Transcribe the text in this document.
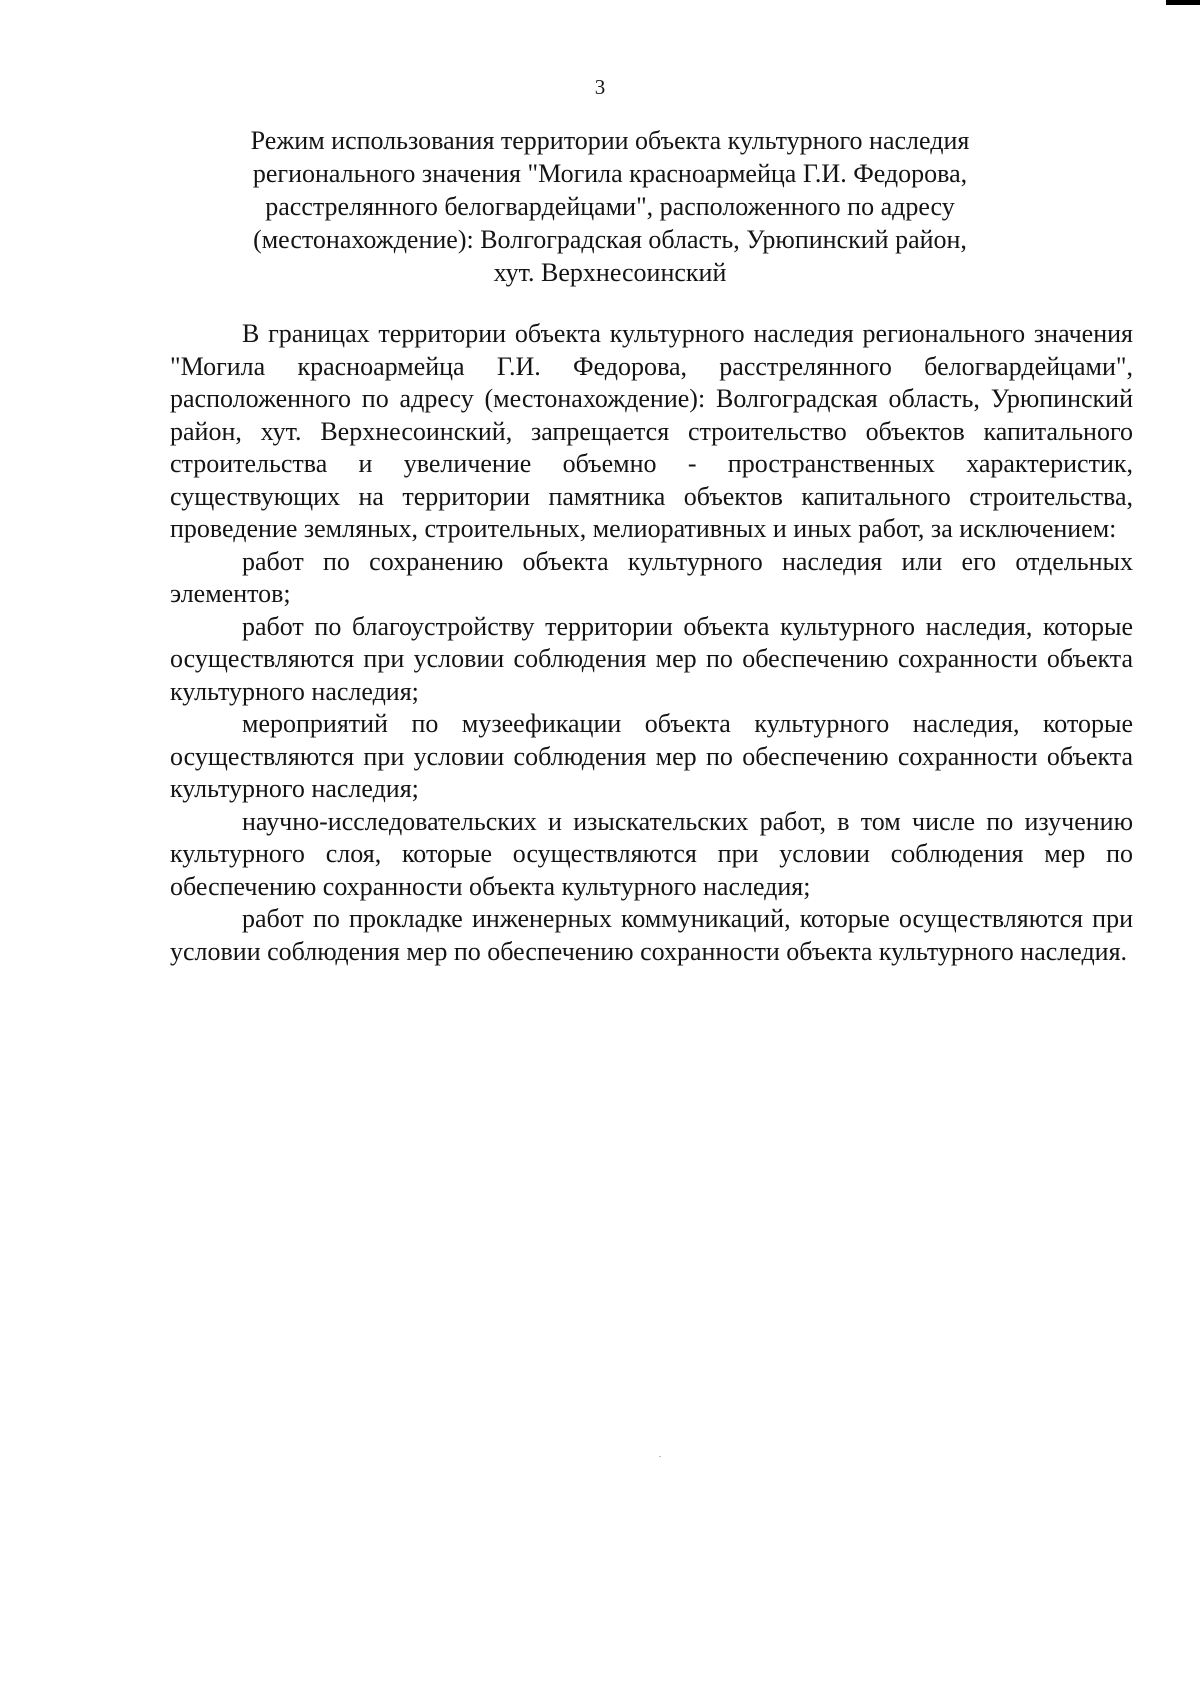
3
Режим использования территории объекта культурного наследия
регионального значения "Могила красноармейца Г.И. Федорова,
расстрелянного белогвардейцами", расположенного по адресу
(местонахождение): Волгоградская область, Урюпинский район,
хут. Верхнесоинский

В границах территории объекта культурного наследия регионального значения "Могила красноармейца Г.И. Федорова, расстрелянного белогвардейцами", расположенного по адресу (местонахождение): Волгоградская область, Урюпинский район, хут. Верхнесоинский, запрещается строительство объектов капитального строительства и увеличение объемно - пространственных характеристик, существующих на территории памятника объектов капитального строительства, проведение земляных, строительных, мелиоративных и иных работ, за исключением:

работ по сохранению объекта культурного наследия или его отдельных элементов;

работ по благоустройству территории объекта культурного наследия, которые осуществляются при условии соблюдения мер по обеспечению сохранности объекта культурного наследия;

мероприятий по музеефикации объекта культурного наследия, которые осуществляются при условии соблюдения мер по обеспечению сохранности объекта культурного наследия;

научно-исследовательских и изыскательских работ, в том числе по изучению культурного слоя, которые осуществляются при условии соблюдения мер по обеспечению сохранности объекта культурного наследия;

работ по прокладке инженерных коммуникаций, которые осуществляются при условии соблюдения мер по обеспечению сохранности объекта культурного наследия.
